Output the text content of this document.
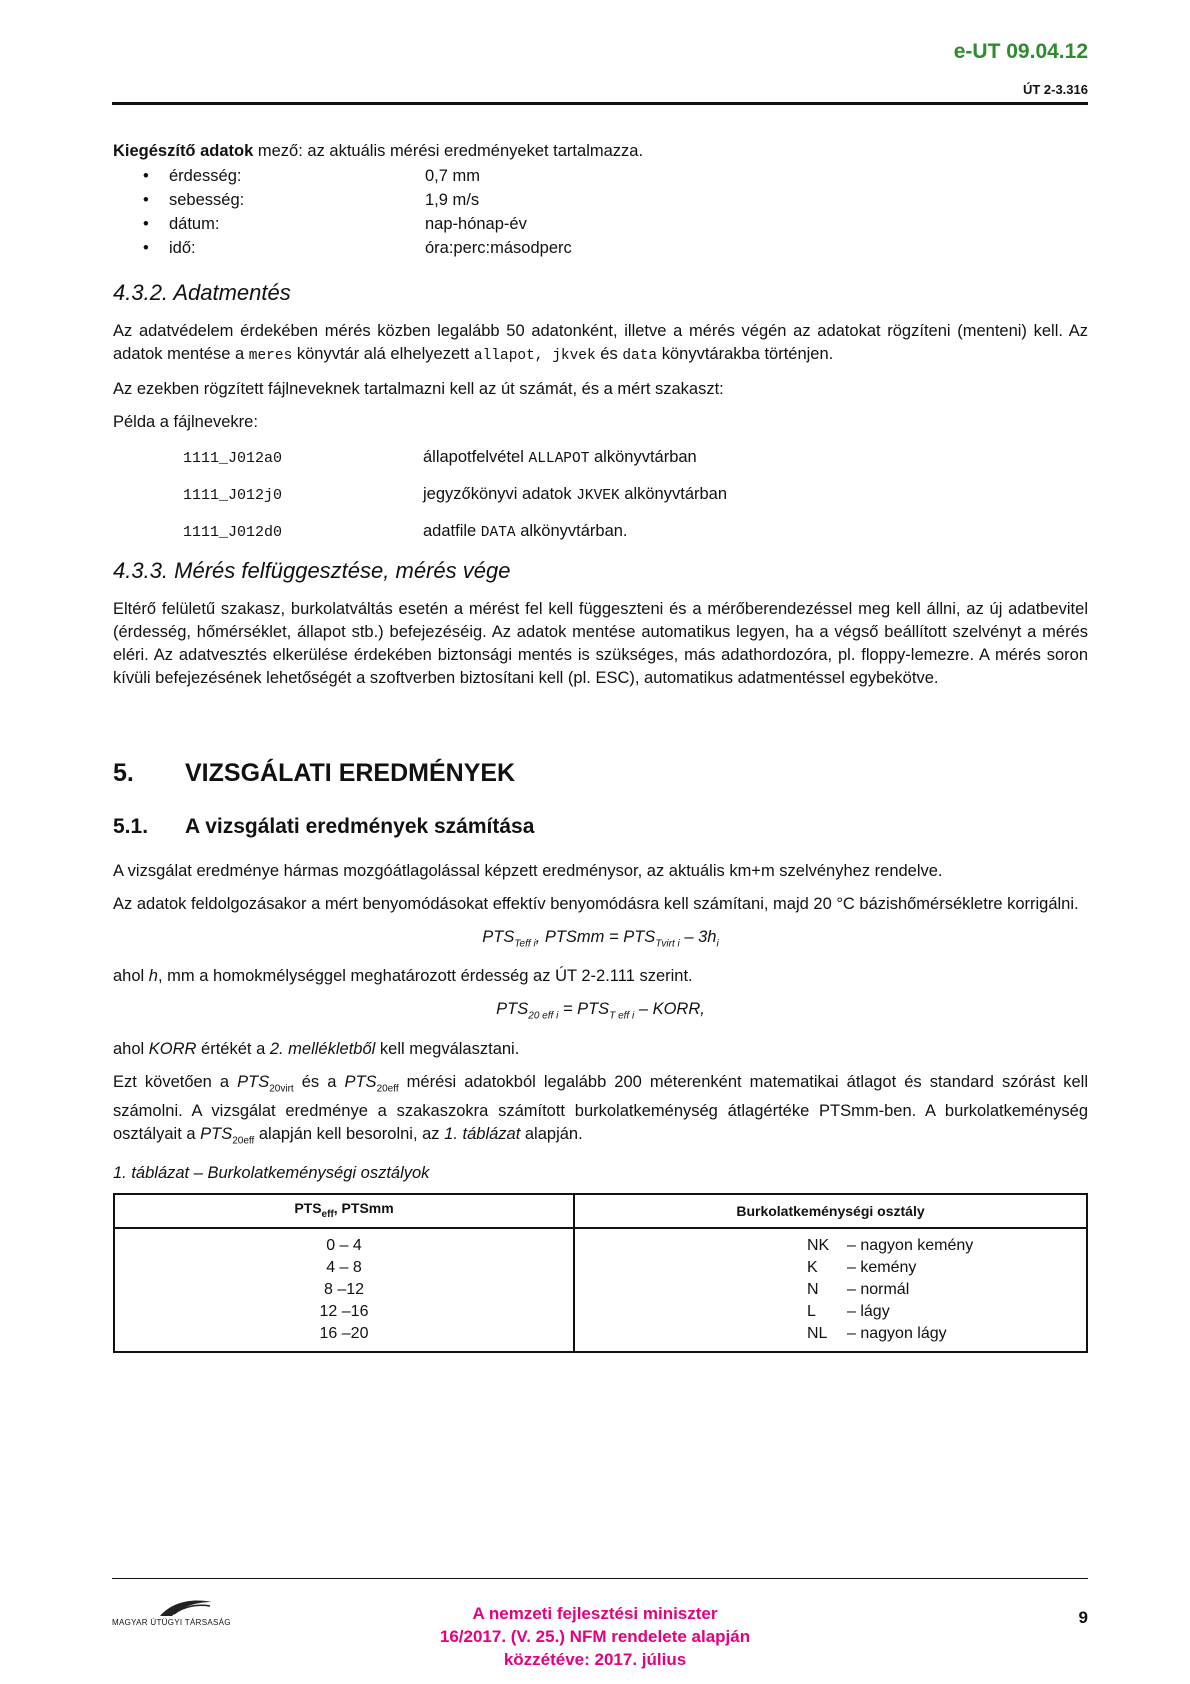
e-UT 09.04.12
ÚT 2-3.316

Kiegészítő adatok mező: az aktuális mérési eredményeket tartalmazza.

• érdesség:	0,7 mm
• sebesség:	1,9 m/s
• dátum:	nap-hónap-év
• idő:	óra:perc:másodperc
4.3.2. Adatmentés

Az adatvédelem érdekében mérés közben legalább 50 adatonként, illetve a mérés végén az adatokat rögzíteni (menteni) kell. Az adatok mentése a meres könyvtár alá elhelyezett allapot, jkvek és data könyvtárakba történjen.

Az ezekben rögzített fájlneveknek tartalmazni kell az út számát, és a mért szakaszt:

Példa a fájlnevekre:

1111_J012a0	állapotfelvétel ALLAPOT alkönyvtárban
1111_J012j0	jegyzőkönyvi adatok JKVEK alkönyvtárban
1111_J012d0	adatfile DATA alkönyvtárban.
4.3.3. Mérés felfüggesztése, mérés vége

Eltérő felületű szakasz, burkolatváltás esetén a mérést fel kell függeszteni és a mérőberendezéssel meg kell állni, az új adatbevitel (érdesség, hőmérséklet, állapot stb.) befejezéséig. Az adatok mentése automatikus legyen, ha a végső beállított szelvényt a mérés eléri. Az adatvesztés elkerülése érdekében biztonsági mentés is szükséges, más adathordozóra, pl. floppy-lemezre. A mérés soron kívüli befejezésének lehetőségét a szoftverben biztosítani kell (pl. ESC), automatikus adatmentéssel egybekötve.

5.	VIZSGÁLATI EREDMÉNYEK
5.1.	A vizsgálati eredmények számítása

A vizsgálat eredménye hármas mozgóátlagolással képzett eredménysor, az aktuális km+m szelvényhez rendelve.

Az adatok feldolgozásakor a mért benyomódásokat effektív benyomódásra kell számítani, majd 20 °C bázishőmérsékletre korrigálni.

$PTS_{Teff i}$, PTSmm = $PTS_{Tvirt i} - 3h_i$

ahol h, mm a homokmélységgel meghatározott érdesség az ÚT 2-2.111 szerint.

$PTS_{20 eff i} = PTS_{T eff i}$ – KORR,

ahol KORR értékét a 2. mellékletből kell megválasztani.

Ezt követően a $PTS_{20virt}$ és a $PTS_{20eff}$ mérési adatokból legalább 200 méterenként matematikai átlagot és standard szórást kell számolni. A vizsgálat eredménye a szakaszokra számított burkolatkeménység átlagértéke PTSmm-ben. A burkolatkeménység osztályait a $PTS_{20eff}$ alapján kell besorolni, az 1. táblázat alapján.

1. táblázat – Burkolatkeménységi osztályok
$PTS_{eff}$, PTSmm	Burkolatkeménységi osztály
0 – 4	NK – nagyon kemény
4 – 8	K – kemény
8 –12	N – normál
12 –16	L – lágy
16 –20	NL – nagyon lágy
MAGYAR ÚTÜGYI TÁRSASÁG	A nemzeti fejlesztési miniszter
16/2017. (V. 25.) NFM rendelete alapján
közzétéve: 2017. július
9
